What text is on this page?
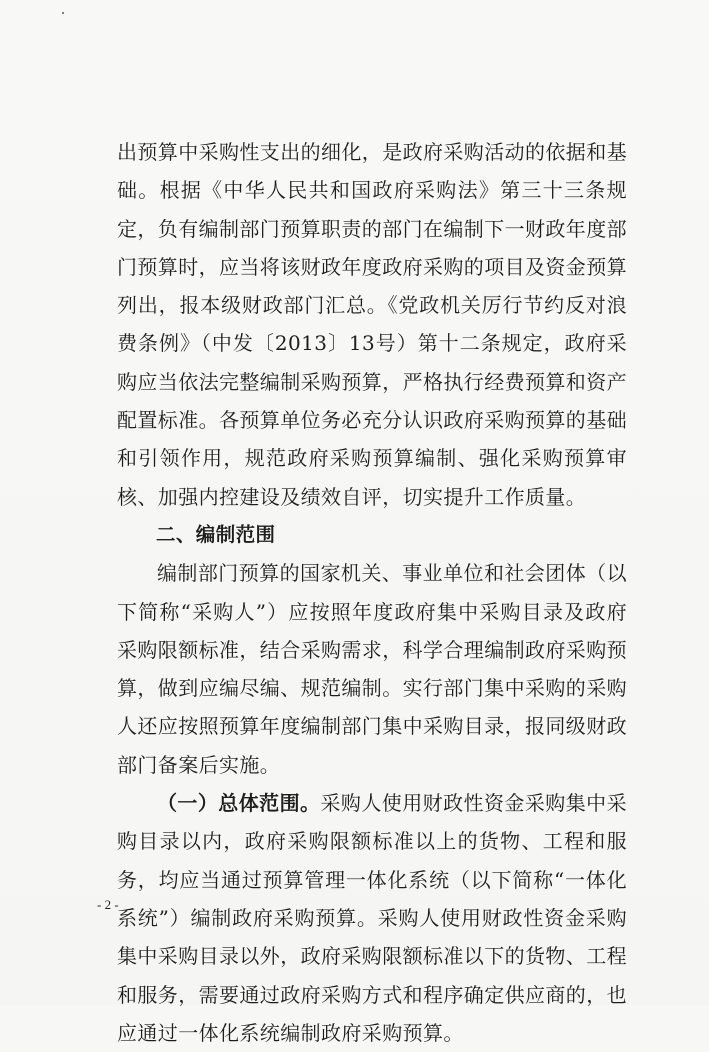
出预算中采购性支出的细化，是政府采购活动的依据和基础。根据《中华人民共和国政府采购法》第三十三条规定，负有编制部门预算职责的部门在编制下一财政年度部门预算时，应当将该财政年度政府采购的项目及资金预算列出，报本级财政部门汇总。《党政机关厉行节约反对浪费条例》（中发〔2013〕13号）第十二条规定，政府采购应当依法完整编制采购预算，严格执行经费预算和资产配置标准。各预算单位务必充分认识政府采购预算的基础和引领作用，规范政府采购预算编制、强化采购预算审核、加强内控建设及绩效自评，切实提升工作质量。

二、编制范围

编制部门预算的国家机关、事业单位和社会团体（以下简称“采购人”）应按照年度政府集中采购目录及政府采购限额标准，结合采购需求，科学合理编制政府采购预算，做到应编尽编、规范编制。实行部门集中采购的采购人还应按照预算年度编制部门集中采购目录，报同级财政部门备案后实施。

（一）总体范围。采购人使用财政性资金采购集中采购目录以内，政府采购限额标准以上的货物、工程和服务，均应当通过预算管理一体化系统（以下简称“一体化系统”）编制政府采购预算。采购人使用财政性资金采购集中采购目录以外，政府采购限额标准以下的货物、工程和服务，需要通过政府采购方式和程序确定供应商的，也应通过一体化系统编制政府采购预算。

- 2 -
